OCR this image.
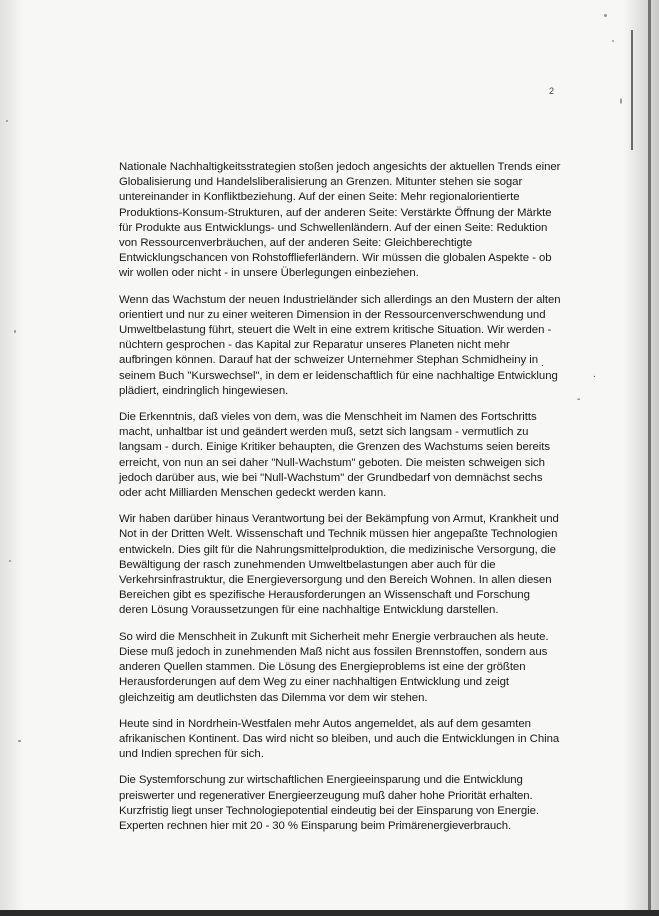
2
.
-
.

Nationale Nachhaltigkeitsstrategien stoßen jedoch angesichts der aktuellen Trends einer Globalisierung und Handelsliberalisierung an Grenzen. Mitunter stehen sie sogar untereinander in Konfliktbeziehung. Auf der einen Seite: Mehr regionalorientierte Produktions-Konsum-Strukturen, auf der anderen Seite: Verstärkte Öffnung der Märkte für Produkte aus Entwicklungs- und Schwellenländern. Auf der einen Seite: Reduktion von Ressourcenverbräuchen, auf der anderen Seite: Gleichberechtigte Entwicklungschancen von Rohstofflieferländern. Wir müssen die globalen Aspekte - ob wir wollen oder nicht - in unsere Überlegungen einbeziehen.

Wenn das Wachstum der neuen Industrieländer sich allerdings an den Mustern der alten orientiert und nur zu einer weiteren Dimension in der Ressourcenverschwendung und Umweltbelastung führt, steuert die Welt in eine extrem kritische Situation. Wir werden - nüchtern gesprochen - das Kapital zur Reparatur unseres Planeten nicht mehr aufbringen können. Darauf hat der schweizer Unternehmer Stephan Schmidheiny in seinem Buch "Kurswechsel", in dem er leidenschaftlich für eine nachhaltige Entwicklung plädiert, eindringlich hingewiesen.

Die Erkenntnis, daß vieles von dem, was die Menschheit im Namen des Fortschritts macht, unhaltbar ist und geändert werden muß, setzt sich langsam - vermutlich zu langsam - durch. Einige Kritiker behaupten, die Grenzen des Wachstums seien bereits erreicht, von nun an sei daher "Null-Wachstum" geboten. Die meisten schweigen sich jedoch darüber aus, wie bei "Null-Wachstum" der Grundbedarf von demnächst sechs oder acht Milliarden Menschen gedeckt werden kann.

Wir haben darüber hinaus Verantwortung bei der Bekämpfung von Armut, Krankheit und Not in der Dritten Welt. Wissenschaft und Technik müssen hier angepaßte Technologien entwickeln. Dies gilt für die Nahrungsmittelproduktion, die medizinische Versorgung, die Bewältigung der rasch zunehmenden Umweltbelastungen aber auch für die Verkehrsinfrastruktur, die Energieversorgung und den Bereich Wohnen. In allen diesen Bereichen gibt es spezifische Herausforderungen an Wissenschaft und Forschung deren Lösung Voraussetzungen für eine nachhaltige Entwicklung darstellen.

So wird die Menschheit in Zukunft mit Sicherheit mehr Energie verbrauchen als heute. Diese muß jedoch in zunehmenden Maß nicht aus fossilen Brennstoffen, sondern aus anderen Quellen stammen. Die Lösung des Energieproblems ist eine der größten Herausforderungen auf dem Weg zu einer nachhaltigen Entwicklung und zeigt gleichzeitig am deutlichsten das Dilemma vor dem wir stehen.

Heute sind in Nordrhein-Westfalen mehr Autos angemeldet, als auf dem gesamten afrikanischen Kontinent. Das wird nicht so bleiben, und auch die Entwicklungen in China und Indien sprechen für sich.

Die Systemforschung zur wirtschaftlichen Energieeinsparung und die Entwicklung preiswerter und regenerativer Energieerzeugung muß daher hohe Priorität erhalten. Kurzfristig liegt unser Technologiepotential eindeutig bei der Einsparung von Energie. Experten rechnen hier mit 20 - 30 % Einsparung beim Primärenergieverbrauch.
